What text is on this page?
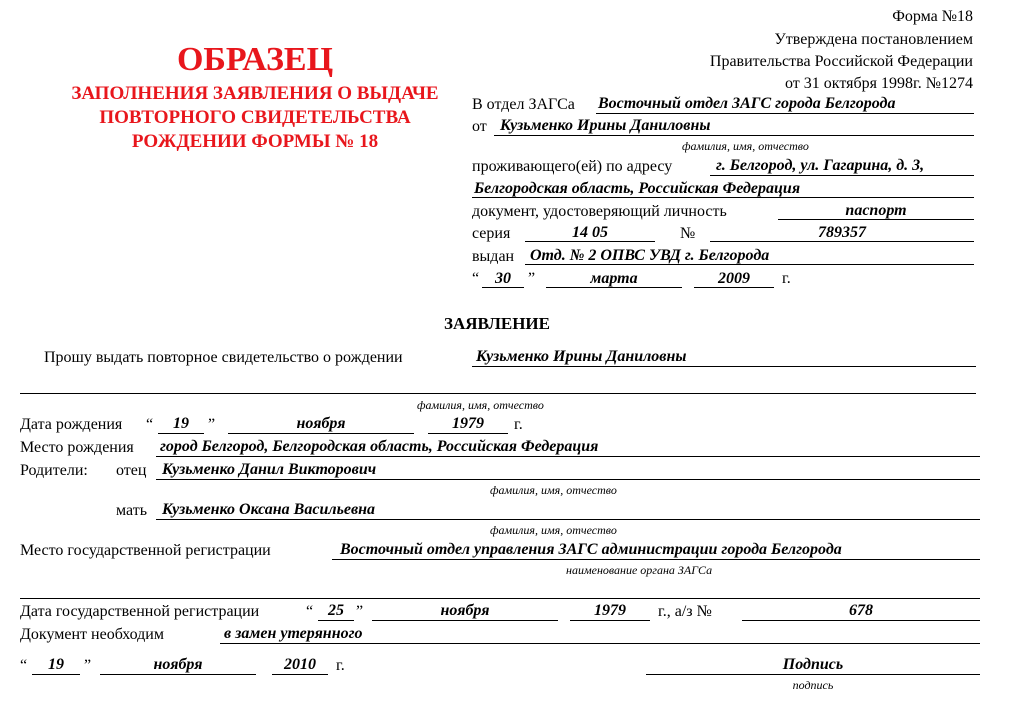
ОБРАЗЕЦ
ЗАПОЛНЕНИЯ ЗАЯВЛЕНИЯ О ВЫДАЧЕ ПОВТОРНОГО СВИДЕТЕЛЬСТВА РОЖДЕНИИ ФОРМЫ № 18
Форма №18
Утверждена постановлением
Правительства Российской Федерации
от 31 октября 1998г. №1274
В отдел ЗАГСа Восточный отдел ЗАГС города Белгорода
от Кузьменко Ирины Даниловны
фамилия, имя, отчество
проживающего(ей) по адресу	г. Белгород, ул. Гагарина, д. 3,
Белгородская область, Российская Федерация
документ, удостоверяющий личность	паспорт
серия	14 05	№	789357
выдан Отд. № 2 ОПВС УВД г. Белгорода
“ 30	”	марта	2009	г.
ЗАЯВЛЕНИЕ
Прошу выдать повторное свидетельство о рождении	Кузьменко Ирины Даниловны
фамилия, имя, отчество
Дата рождения “	19	”	ноября	1979	г.
Место рождения город Белгород, Белгородская область, Российская Федерация
Родители: отец Кузьменко Данил Викторович
фамилия, имя, отчество
мать Кузьменко Оксана Васильевна
фамилия, имя, отчество
Место государственной регистрации	Восточный отдел управления ЗАГС администрации города Белгорода
наименование органа ЗАГСа
Дата государственной регистрации	“ 25 ”	ноября	1979	г., а/з №	678
Документ необходим	в замен утерянного
“	19	”	ноября	2010	г.	Подпись
подпись
